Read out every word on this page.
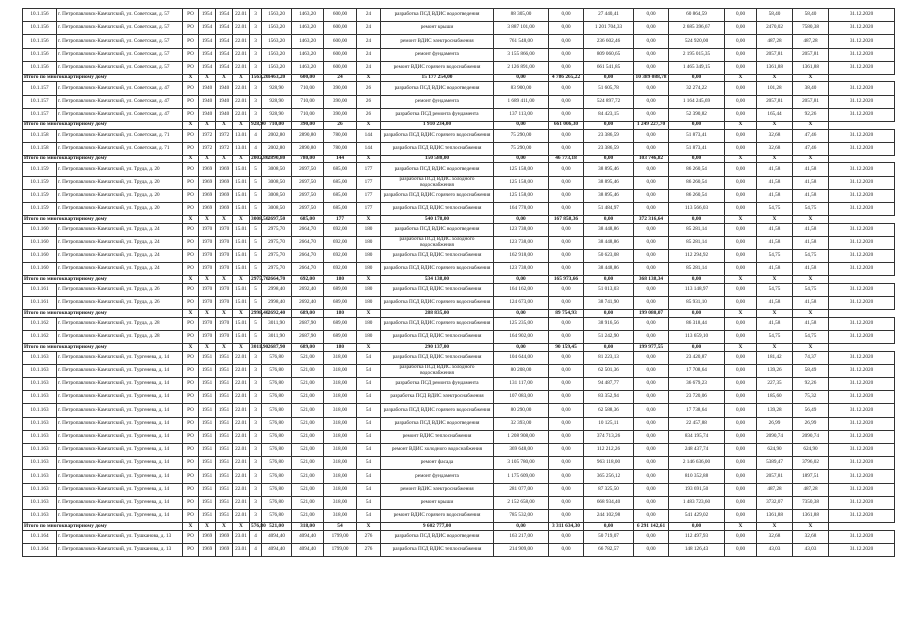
10.1.156	г. Петропавловск-Камчатский, ул. Советская, д. 57	РО	1954	1954	22.01	3	1563,20	1463,20	600,00	24	разработка ПСД ВДИС водоотведения	88 305,00	0,00	27 440,41	0,00	60 864,59	0,00	58,40	58,40	31.12.2020
10.1.156	г. Петропавловск-Камчатский, ул. Советская, д. 57	РО	1954	1954	22.01	3	1563,20	1463,20	600,00	24	ремонт крыши	3 887 101,00	0,00	1 201 704,33	0,00	2 685 396,67	0,00	2470,02	7580,38	31.12.2020
10.1.156	г. Петропавловск-Камчатский, ул. Советская, д. 57	РО	1954	1954	22.01	3	1563,20	1463,20	600,00	24	ремонт ВДИС электроснабжения	761 548,00	0,00	236 602,46	0,00	524 920,00	0,00	487,28	487,28	31.12.2020
10.1.156	г. Петропавловск-Камчатский, ул. Советская, д. 57	РО	1954	1954	22.01	3	1563,20	1463,20	600,00	24	ремонт фундамента	3 155 866,00	0,00	809 060,65	0,00	2 195 015,35	0,00	2057,81	2057,81	31.12.2020
10.1.156	г. Петропавловск-Камчатский, ул. Советская, д. 57	РО	1954	1954	22.01	3	1563,20	1463,20	600,00	24	ремонт ВДИС горячего водоснабжения	2 126 891,00	0,00	661 541,85	0,00	1 465 349,15	0,00	1361,88	1361,88	31.12.2020
Итого по многоквартирному дому		X	X	X	X	1563,20	1463,20	600,00	24	X	15 177 254,00	0,00	4 786 265,22	0,00	10 389 088,78	0,00	X	X	X	
10.1.157	г. Петропавловск-Камчатский, ул. Советская, д. 47	РО	1940	1940	22.01	3	928,90	710,00	390,00	26	разработка ПСД ВДИС водоотведения	83 900,00	0,00	51 605,78	0,00	32 274,22	0,00	101,28	38,40	31.12.2020
10.1.157	г. Петропавловск-Камчатский, ул. Советская, д. 47	РО	1940	1940	22.01	3	928,90	710,00	390,00	26	ремонт фундамента	1 689 411,00	0,00	524 897,72	0,00	1 164 245,69	0,00	2057,81	2057,81	31.12.2020
10.1.157	г. Петропавловск-Камчатский, ул. Советская, д. 47	РО	1940	1940	22.01	3	928,90	710,00	390,00	26	разработка ПСД ремонта фундамента	137 113,00	0,00	84 423,15	0,00	52 390,82	0,00	165,44	92,26	31.12.2020
Итого по многоквартирному дому		X	X	X	X	928,90	710,00	390,00	26	X	1 910 234,00	0,00	661 006,30	0,00	1 249 227,70	0,00	X	X	X	
10.1.158	г. Петропавловск-Камчатский, ул. Советская, д. 71	РО	1972	1972	13.01	4	2002,80	2890,80	780,00	144	разработка ПСД ВДИС горячего водоснабжения	75 290,00	0,00	23 386,59	0,00	51 873,41	0,00	32,68	47,46	31.12.2020
10.1.158	г. Петропавловск-Камчатский, ул. Советская, д. 71	РО	1972	1972	13.01	4	2002,80	2890,80	780,00	144	разработка ПСД ВДИС теплоснабжения	75 290,00	0,00	23 386,59	0,00	51 873,41	0,00	32,68	47,46	31.12.2020
Итого по многоквартирному дому		X	X	X	X	2002,80	2890,80	780,00	144	X	150 580,00	0,00	46 773,18	0,00	103 746,82	0,00	X	X	X	
10.1.159	г. Петропавловск-Камчатский, ул. Труда, д. 20	РО	1969	1969	15.01	5	3008,50	2697,50	685,00	177	разработка ПСД ВДИС водоотведения	125 158,00	0,00	38 895,46	0,00	86 260,54	0,00	41,58	41,58	31.12.2020
10.1.159	г. Петропавловск-Камчатский, ул. Труда, д. 20	РО	1969	1969	15.01	5	3008,50	2697,50	685,00	177	разработка ПСД ВДИС холодного водоснабжения	125 158,00	0,00	38 895,46	0,00	86 260,54	0,00	41,58	41,58	31.12.2020
10.1.159	г. Петропавловск-Камчатский, ул. Труда, д. 20	РО	1969	1969	15.01	5	3008,50	2697,50	685,00	177	разработка ПСД ВДИС горячего водоснабжения	125 158,00	0,00	38 895,46	0,00	86 260,54	0,00	41,58	41,58	31.12.2020
10.1.159	г. Петропавловск-Камчатский, ул. Труда, д. 20	РО	1969	1969	15.01	5	3008,50	2697,50	685,00	177	разработка ПСД ВДИС теплоснабжения	164 778,00	0,00	51 484,97	0,00	113 566,03	0,00	54,75	54,75	31.12.2020
Итого по многоквартирному дому		X	X	X	X	3008,50	2697,50	685,00	177	X	540 178,00	0,00	167 858,36	0,00	372 316,64	0,00	X	X	X	
10.1.160	г. Петропавловск-Камчатский, ул. Труда, д. 24	РО	1970	1970	15.01	5	2975,70	2664,70	692,00	180	разработка ПСД ВДИС водоотведения	123 738,00	0,00	38 448,86	0,00	85 281,14	0,00	41,58	41,58	31.12.2020
10.1.160	г. Петропавловск-Камчатский, ул. Труда, д. 24	РО	1970	1970	15.01	5	2975,70	2664,70	692,00	180	разработка ПСД ВДИС холодного водоснабжения	123 738,00	0,00	38 448,86	0,00	85 281,14	0,00	41,58	41,58	31.12.2020
10.1.160	г. Петропавловск-Камчатский, ул. Труда, д. 24	РО	1970	1970	15.01	5	2975,70	2664,70	692,00	180	разработка ПСД ВДИС теплоснабжения	162 918,00	0,00	50 623,08	0,00	112 294,92	0,00	54,75	54,75	31.12.2020
10.1.160	г. Петропавловск-Камчатский, ул. Труда, д. 24	РО	1970	1970	15.01	5	2975,70	2664,70	692,00	180	разработка ПСД ВДИС горячего водоснабжения	123 738,00	0,00	38 448,86	0,00	85 281,14	0,00	41,58	41,58	31.12.2020
Итого по многоквартирному дому		X	X	X	X	2975,70	2664,70	692,00	180	X	534 138,00	0,00	165 973,66	0,00	368 138,34	0,00	X	X	X	
10.1.161	г. Петропавловск-Камчатский, ул. Труда, д. 26	РО	1970	1970	15.01	5	2998,40	2692,40	689,00	180	разработка ПСД ВДИС теплоснабжения	164 162,00	0,00	51 013,03	0,00	113 148,97	0,00	54,75	54,75	31.12.2020
10.1.161	г. Петропавловск-Камчатский, ул. Труда, д. 26	РО	1970	1970	15.01	5	2998,40	2692,40	689,00	180	разработка ПСД ВДИС горячего водоснабжения	124 673,00	0,00	38 741,90	0,00	85 931,10	0,00	41,58	41,58	31.12.2020
Итого по многоквартирному дому		X	X	X	X	2998,40	2692,40	689,00	180	X	288 835,00	0,00	89 754,93	0,00	199 080,07	0,00	X	X	X	
10.1.162	г. Петропавловск-Камчатский, ул. Труда, д. 28	РО	1970	1970	15.01	5	3011,90	2687,90	689,00	180	разработка ПСД ВДИС горячего водоснабжения	125 235,00	0,00	38 916,56	0,00	86 318,44	0,00	41,58	41,58	31.12.2020
10.1.162	г. Петропавловск-Камчатский, ул. Труда, д. 28	РО	1970	1970	15.01	5	3011,90	2687,90	689,00	180	разработка ПСД ВДИС теплоснабжения	164 902,00	0,00	51 242,90	0,00	113 659,10	0,00	54,75	54,75	31.12.2020
Итого по многоквартирному дому		X	X	X	X	3011,90	2687,90	689,00	180	X	290 137,00	0,00	90 159,45	0,00	199 977,55	0,00	X	X	X	
10.1.163	г. Петропавловск-Камчатский, ул. Тургенева, д. 14	РО	1951	1951	22.01	3	576,80	521,00	318,00	54	разработка ПСД ВДИС теплоснабжения	104 644,00	0,00	81 223,13	0,00	23 420,87	0,00	181,42	74,37	31.12.2020
10.1.163	г. Петропавловск-Камчатский, ул. Тургенева, д. 14	РО	1951	1951	22.01	3	576,80	521,00	318,00	54	разработка ПСД ВДИС холодного водоснабжения	80 208,00	0,00	62 501,36	0,00	17 708,64	0,00	139,26	58,49	31.12.2020
10.1.163	г. Петропавловск-Камчатский, ул. Тургенева, д. 14	РО	1951	1951	22.01	3	576,80	521,00	318,00	54	разработка ПСД ремонта фундамента	131 117,00	0,00	94 487,77	0,00	36 679,23	0,00	227,35	92,26	31.12.2020
10.1.163	г. Петропавловск-Камчатский, ул. Тургенева, д. 14	РО	1951	1951	22.01	3	576,80	521,00	318,00	54	разработка ПСД ВДИС электроснабжения	107 083,00	0,00	83 352,94	0,00	23 720,06	0,00	185,60	75,32	31.12.2020
10.1.163	г. Петропавловск-Камчатский, ул. Тургенева, д. 14	РО	1951	1951	22.01	3	576,80	521,00	318,00	54	разработка ПСД ВДИС горячего водоснабжения	80 290,00	0,00	62 588,36	0,00	17 738,64	0,00	139,28	56,49	31.12.2020
10.1.163	г. Петропавловск-Камчатский, ул. Тургенева, д. 14	РО	1951	1951	22.01	3	576,80	521,00	318,00	54	разработка ПСД ВДИС водоотведения	32 393,00	0,00	10 125,11	0,00	22 457,88	0,00	26,99	26,99	31.12.2020
10.1.163	г. Петропавловск-Камчатский, ул. Тургенева, д. 14	РО	1951	1951	22.01	3	576,80	521,00	318,00	54	ремонт ВДИС теплоснабжения	1 208 908,00	0,00	374 713,26	0,00	834 195,74	0,00	2090,74	2090,74	31.12.2020
10.1.163	г. Петропавловск-Камчатский, ул. Тургенева, д. 14	РО	1951	1951	22.01	3	576,80	521,00	318,00	54	ремонт ВДИС холодного водоснабжения	369 648,00	0,00	112 212,26	0,00	248 437,74	0,00	624,90	624,90	31.12.2020
10.1.163	г. Петропавловск-Камчатский, ул. Тургенева, д. 14	РО	1951	1951	22.01	3	576,80	521,00	318,00	54	ремонт фасада	3 105 780,00	0,00	963 118,00	0,00	2 146 636,00	0,00	5389,47	3796,02	31.12.2020
10.1.163	г. Петропавловск-Камчатский, ул. Тургенева, д. 14	РО	1951	1951	22.01	3	576,80	521,00	318,00	54	ремонт фундамента	1 175 609,00	0,00	365 256,12	0,00	810 352,88	0,00	2057,81	1897,51	31.12.2020
10.1.163	г. Петропавловск-Камчатский, ул. Тургенева, д. 14	РО	1951	1951	22.01	3	576,80	521,00	318,00	54	ремонт ВДИС электроснабжения	281 077,00	0,00	87 325,50	0,00	193 691,50	0,00	487,28	487,28	31.12.2020
10.1.163	г. Петропавловск-Камчатский, ул. Тургенева, д. 14	РО	1951	1951	22.01	3	576,80	521,00	318,00	54	ремонт крыши	2 152 658,00	0,00	668 934,40	0,00	1 483 723,60	0,00	3732,07	7350,38	31.12.2020
10.1.163	г. Петропавловск-Камчатский, ул. Тургенева, д. 14	РО	1951	1951	22.01	3	576,80	521,00	318,00	54	ремонт ВДИС горячего водоснабжения	785 532,00	0,00	244 102,98	0,00	541 429,02	0,00	1361,88	1361,88	31.12.2020
Итого по многоквартирному дому		X	X	X	X	576,80	521,00	318,00	54	X	9 602 777,00	0,00	3 311 634,30	0,00	6 291 142,61	0,00	X	X	X	
10.1.164	г. Петропавловск-Камчатский, ул. Тушканова, д. 13	РО	1969	1969	23.01	4	4094,40	4094,40	1799,00	276	разработка ПСД ВДИС водоотведения	163 217,00	0,00	50 719,07	0,00	112 497,93	0,00	32,68	32,68	31.12.2020
10.1.164	г. Петропавловск-Камчатский, ул. Тушканова, д. 13	РО	1969	1969	23.01	4	4094,40	4094,40	1799,00	276	разработка ПСД ВДИС теплоснабжения	214 909,00	0,00	66 782,57	0,00	148 126,43	0,00	43,03	43,03	31.12.2020
